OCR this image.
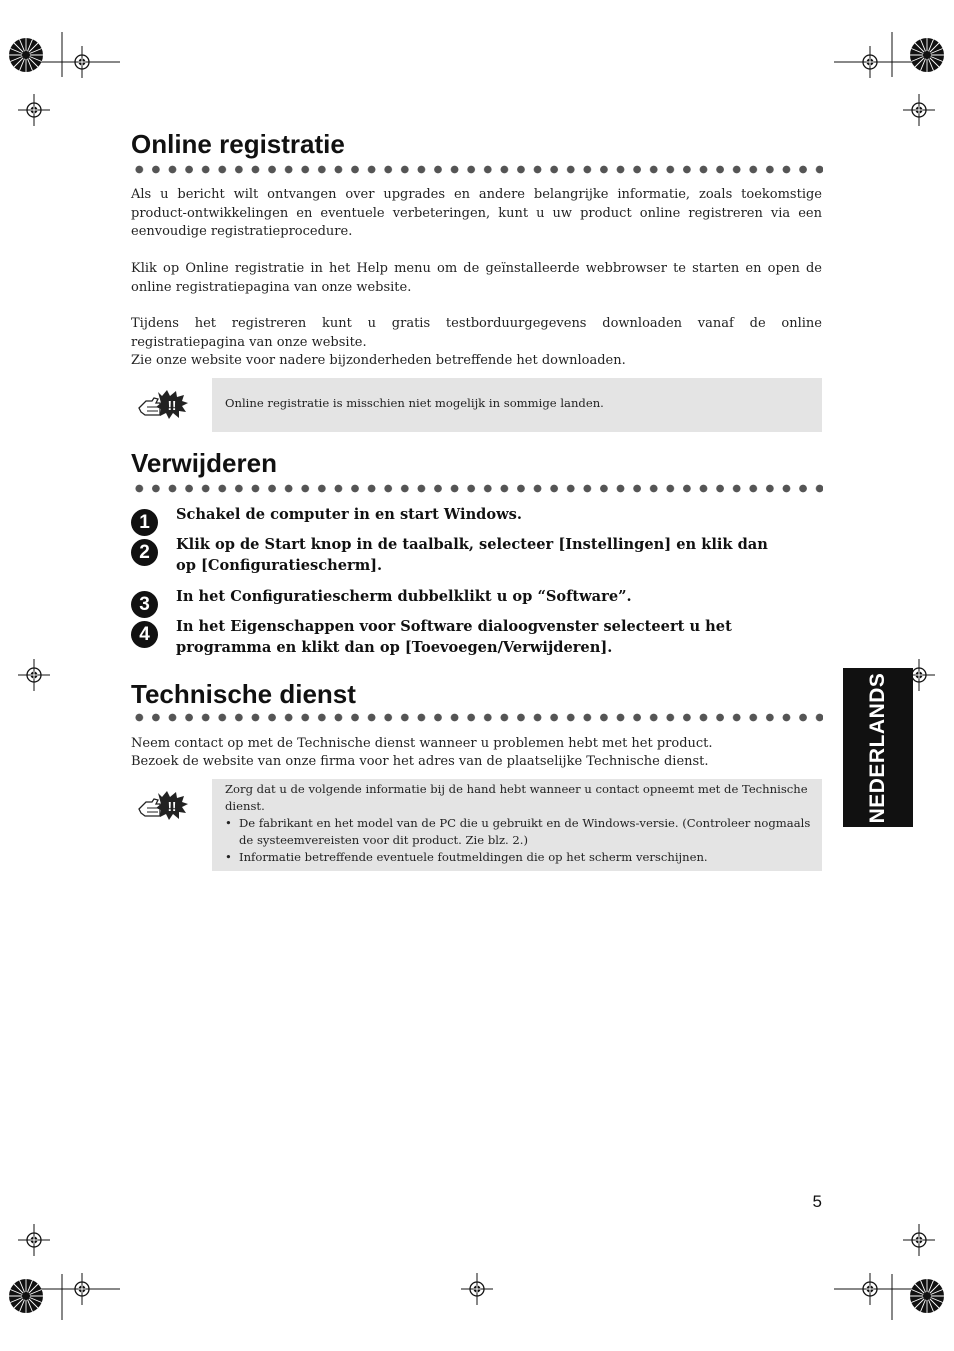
Online registratie

Als u bericht wilt ontvangen over upgrades en andere belangrijke informatie, zoals toekomstige product-ontwikkelingen en eventuele verbeteringen, kunt u uw product online registreren via een eenvoudige registratieprocedure.

Klik op Online registratie in het Help menu om de geïnstalleerde webbrowser te starten en open de online registratiepagina van onze website.

Tijdens het registreren kunt u gratis testborduurgegevens downloaden vanaf de online registratiepagina van onze website.

Zie onze website voor nadere bijzonderheden betreffende het downloaden.

!!	Online registratie is misschien niet mogelijk in sommige landen.
Verwijderen
1	Schakel de computer in en start Windows.

2	Klik op de Start knop in de taalbalk, selecteer [Instellingen] en klik dan op [Configuratiescherm].

3	In het Configuratiescherm dubbelklikt u op “Software”.

4	In het Eigenschappen voor Software dialoogvenster selecteert u het programma en klikt dan op [Toevoegen/Verwijderen].

Technische dienst

Neem contact op met de Technische dienst wanneer u problemen hebt met het product.

Bezoek de website van onze firma voor het adres van de plaatselijke Technische dienst.

!!
Zorg dat u de volgende informatie bij de hand hebt wanneer u contact opneemt met de Technische dienst.
• De fabrikant en het model van de PC die u gebruikt en de Windows-versie. (Controleer nogmaals de systeemvereisten voor dit product. Zie blz. 2.)
• Informatie betreffende eventuele foutmeldingen die op het scherm verschijnen.
NEDERLANDS
5
